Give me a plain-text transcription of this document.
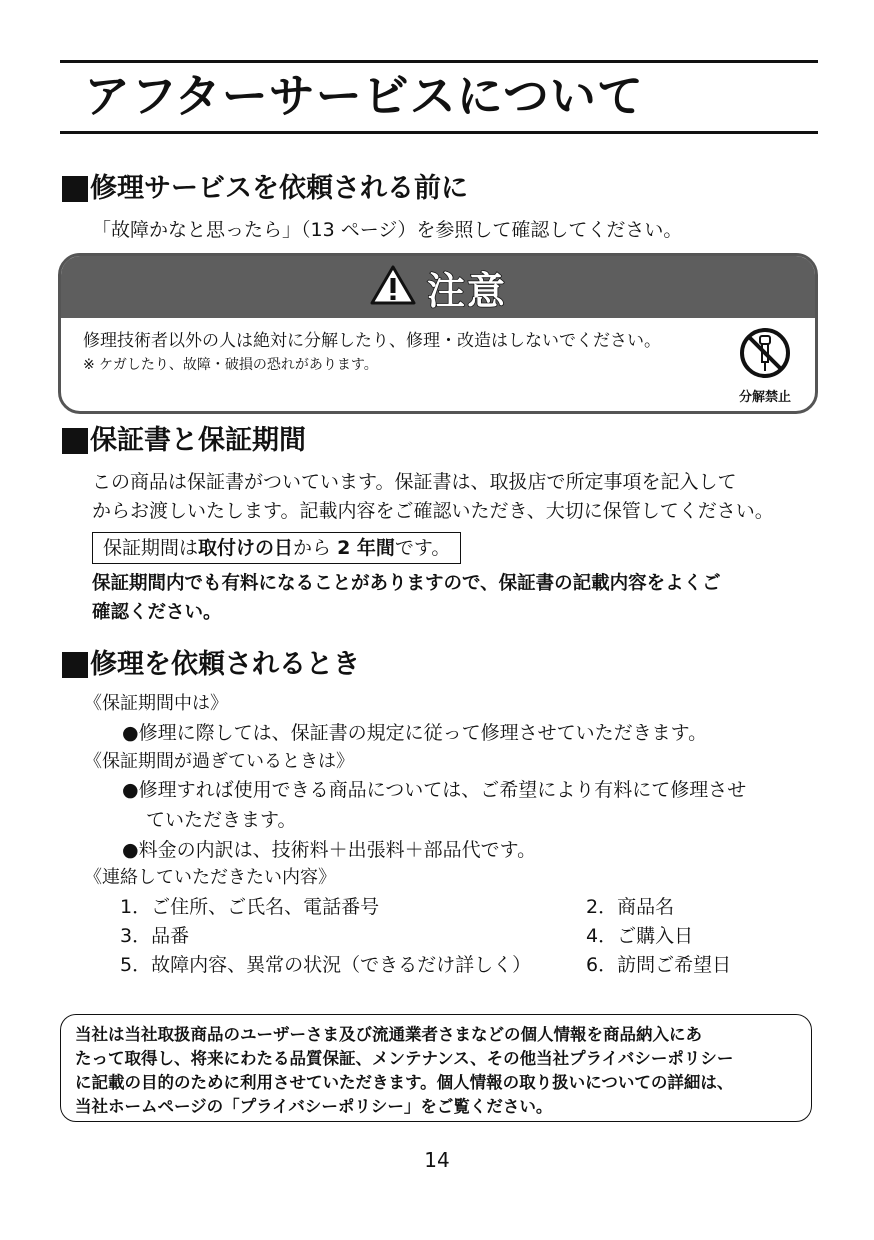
アフターサービスについて
修理サービスを依頼される前に
「故障かなと思ったら」（13 ページ）を参照して確認してください。
注意
修理技術者以外の人は絶対に分解したり、修理・改造はしないでください。
※ ケガしたり、故障・破損の恐れがあります。
分解禁止
保証書と保証期間
この商品は保証書がついています。保証書は、取扱店で所定事項を記入して
からお渡しいたします。記載内容をご確認いただき、大切に保管してください。
保証期間は取付けの日から 2 年間です。
保証期間内でも有料になることがありますので、保証書の記載内容をよくご
確認ください。
修理を依頼されるとき
《保証期間中は》
●修理に際しては、保証書の規定に従って修理させていただきます。
《保証期間が過ぎているときは》
●修理すれば使用できる商品については、ご希望により有料にて修理させ
ていただきます。
●料金の内訳は、技術料＋出張料＋部品代です。
《連絡していただきたい内容》
1．ご住所、ご氏名、電話番号	2．商品名
3．品番	4．ご購入日
5．故障内容、異常の状況（できるだけ詳しく）	6．訪問ご希望日
当社は当社取扱商品のユーザーさま及び流通業者さまなどの個人情報を商品納入にあ
たって取得し、将来にわたる品質保証、メンテナンス、その他当社プライバシーポリシー
に記載の目的のために利用させていただきます。個人情報の取り扱いについての詳細は、
当社ホームページの「プライバシーポリシー」をご覧ください。
14
